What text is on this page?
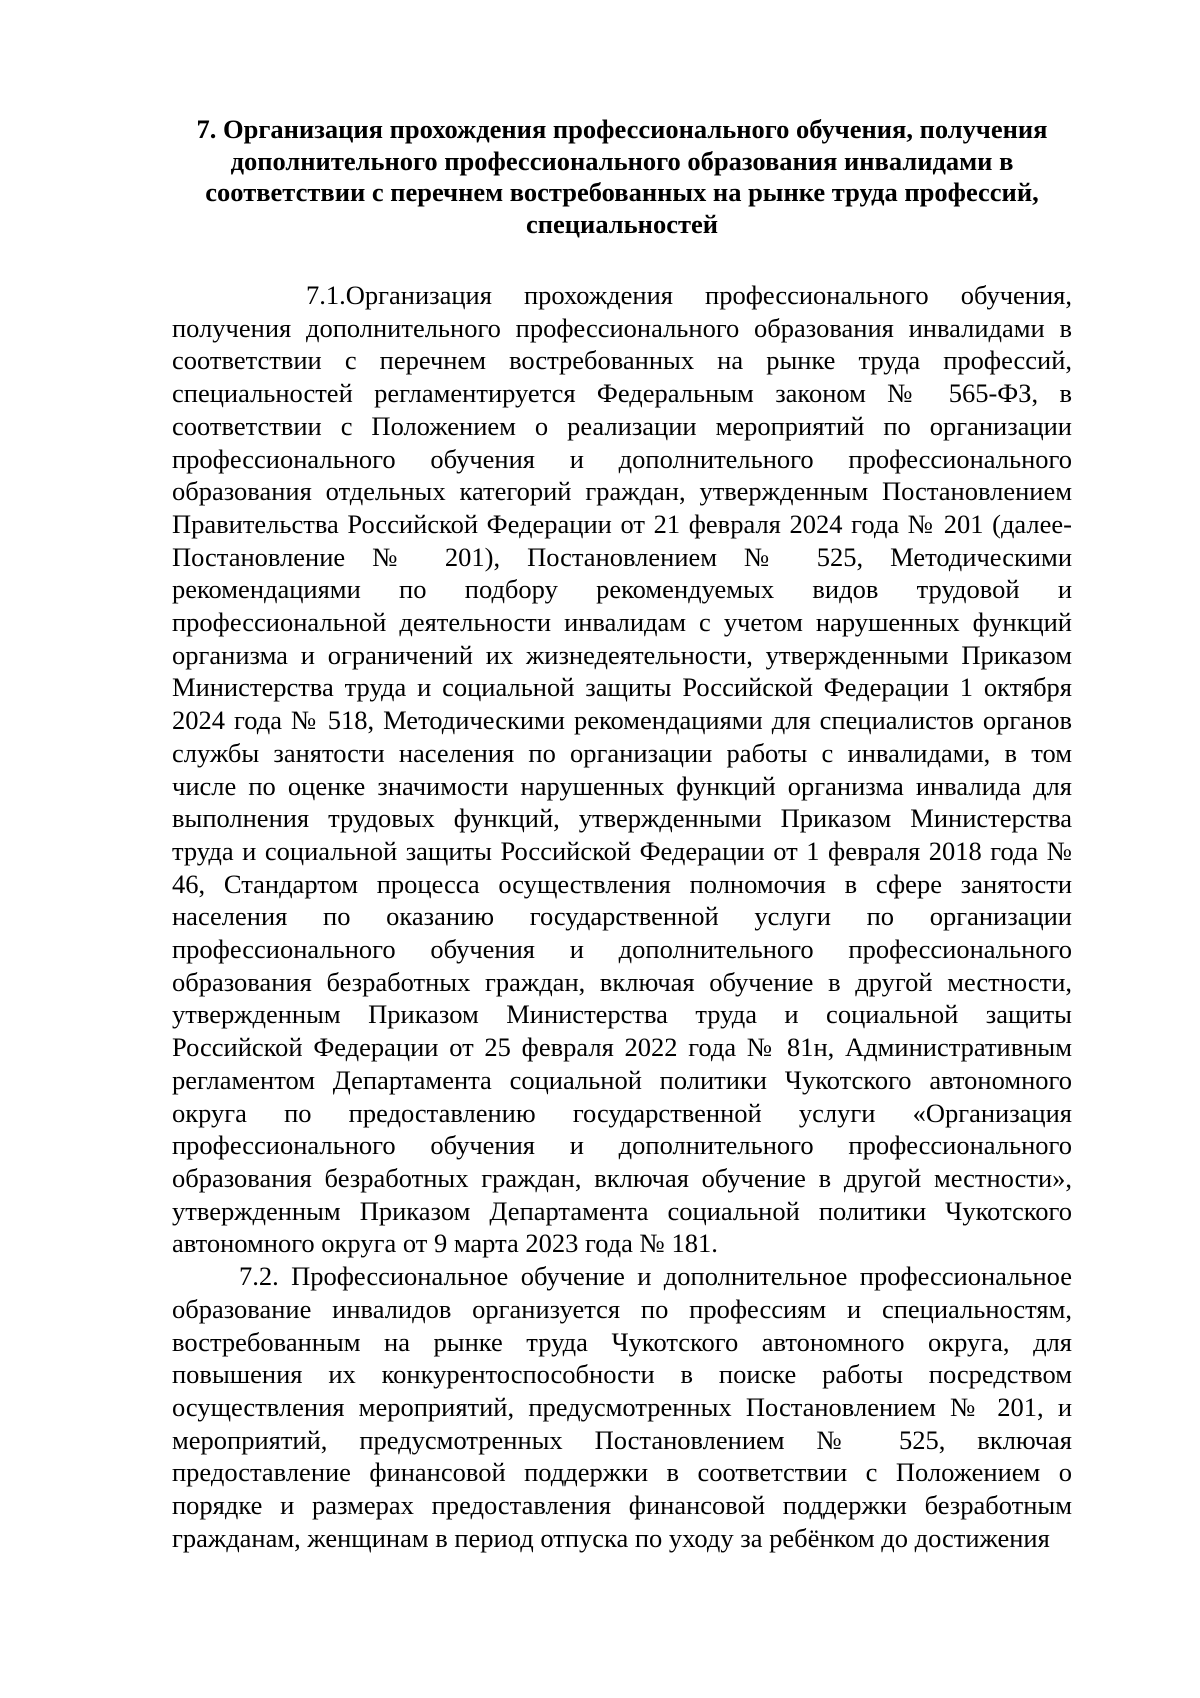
7. Организация прохождения профессионального обучения, получения дополнительного профессионального образования инвалидами в соответствии с перечнем востребованных на рынке труда профессий, специальностей

7.1.Организация прохождения профессионального обучения, получения дополнительного профессионального образования инвалидами в соответствии с перечнем востребованных на рынке труда профессий, специальностей регламентируется Федеральным законом № 565-ФЗ, в соответствии с Положением о реализации мероприятий по организации профессионального обучения и дополнительного профессионального образования отдельных категорий граждан, утвержденным Постановлением Правительства Российской Федерации от 21 февраля 2024 года № 201 (далее- Постановление № 201), Постановлением № 525, Методическими рекомендациями по подбору рекомендуемых видов трудовой и профессиональной деятельности инвалидам с учетом нарушенных функций организма и ограничений их жизнедеятельности, утвержденными Приказом Министерства труда и социальной защиты Российской Федерации 1 октября 2024 года № 518, Методическими рекомендациями для специалистов органов службы занятости населения по организации работы с инвалидами, в том числе по оценке значимости нарушенных функций организма инвалида для выполнения трудовых функций, утвержденными Приказом Министерства труда и социальной защиты Российской Федерации от 1 февраля 2018 года № 46, Стандартом процесса осуществления полномочия в сфере занятости населения по оказанию государственной услуги по организации профессионального обучения и дополнительного профессионального образования безработных граждан, включая обучение в другой местности, утвержденным Приказом Министерства труда и социальной защиты Российской Федерации от 25 февраля 2022 года № 81н, Административным регламентом Департамента социальной политики Чукотского автономного округа по предоставлению государственной услуги «Организация профессионального обучения и дополнительного профессионального образования безработных граждан, включая обучение в другой местности», утвержденным Приказом Департамента социальной политики Чукотского автономного округа от 9 марта 2023 года № 181.

7.2. Профессиональное обучение и дополнительное профессиональное образование инвалидов организуется по профессиям и специальностям, востребованным на рынке труда Чукотского автономного округа, для повышения их конкурентоспособности в поиске работы посредством осуществления мероприятий, предусмотренных Постановлением № 201, и мероприятий, предусмотренных Постановлением № 525, включая предоставление финансовой поддержки в соответствии с Положением о порядке и размерах предоставления финансовой поддержки безработным гражданам, женщинам в период отпуска по уходу за ребёнком до достижения
